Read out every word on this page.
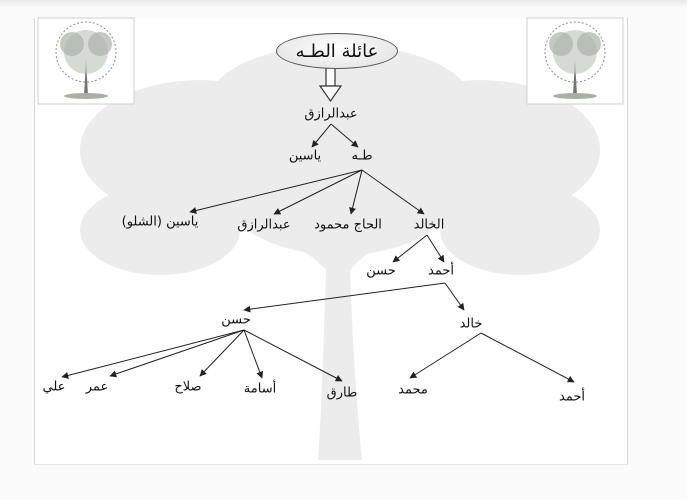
عائلة الطـه
عبدالرازق
طـه
ياسين
الخالد
الحاج محمود
عبدالرازق
ياسين (الشلو)
أحمد
حسن
خالد
حسن
محمد	أحمد
طارق
أسامة
صلاح
عمر
علي
